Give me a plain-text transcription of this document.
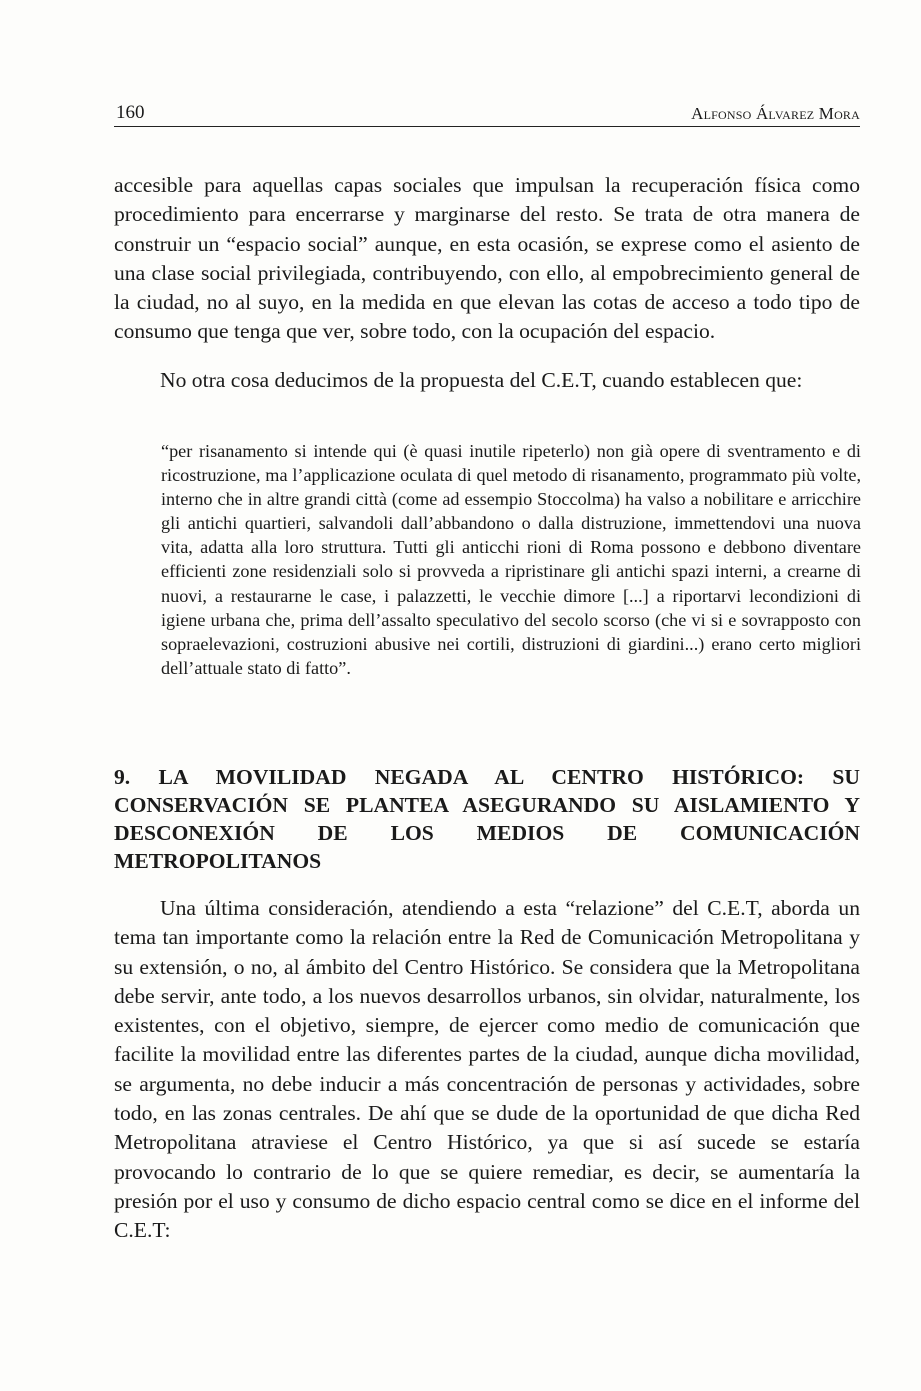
160	Alfonso Álvarez Mora

accesible para aquellas capas sociales que impulsan la recuperación física como procedimiento para encerrarse y marginarse del resto. Se trata de otra manera de construir un “espacio social” aunque, en esta ocasión, se exprese como el asiento de una clase social privilegiada, contribuyendo, con ello, al empobrecimiento general de la ciudad, no al suyo, en la medida en que elevan las cotas de acceso a todo tipo de consumo que tenga que ver, sobre todo, con la ocupación del espacio.

No otra cosa deducimos de la propuesta del C.E.T, cuando establecen que:

“per risanamento si intende qui (è quasi inutile ripeterlo) non già opere di sventramento e di ricostruzione, ma l’applicazione oculata di quel metodo di risanamento, programmato più volte, interno che in altre grandi città (come ad essempio Stoccolma) ha valso a nobilitare e arricchire gli antichi quartieri, salvandoli dall’abbandono o dalla distruzione, immettendovi una nuova vita, adatta alla loro struttura. Tutti gli anticchi rioni di Roma possono e debbono diventare efficienti zone residenziali solo si provveda a ripristinare gli antichi spazi interni, a crearne di nuovi, a restaurarne le case, i palazzetti, le vecchie dimore [...] a riportarvi lecondizioni di igiene urbana che, prima dell’assalto speculativo del secolo scorso (che vi si e sovrapposto con sopraelevazioni, costruzioni abusive nei cortili, distruzioni di giardini...) erano certo migliori dell’attuale stato di fatto”.

9. LA MOVILIDAD NEGADA AL CENTRO HISTÓRICO: SU CONSERVACIÓN SE PLANTEA ASEGURANDO SU AISLAMIENTO Y DESCONEXIÓN DE LOS MEDIOS DE COMUNICACIÓN METROPOLITANOS

Una última consideración, atendiendo a esta “relazione” del C.E.T, aborda un tema tan importante como la relación entre la Red de Comunicación Metropolitana y su extensión, o no, al ámbito del Centro Histórico. Se considera que la Metropolitana debe servir, ante todo, a los nuevos desarrollos urbanos, sin olvidar, naturalmente, los existentes, con el objetivo, siempre, de ejercer como medio de comunicación que facilite la movilidad entre las diferentes partes de la ciudad, aunque dicha movilidad, se argumenta, no debe inducir a más concentración de personas y actividades, sobre todo, en las zonas centrales. De ahí que se dude de la oportunidad de que dicha Red Metropolitana atraviese el Centro Histórico, ya que si así sucede se estaría provocando lo contrario de lo que se quiere remediar, es decir, se aumentaría la presión por el uso y consumo de dicho espacio central como se dice en el informe del C.E.T:
